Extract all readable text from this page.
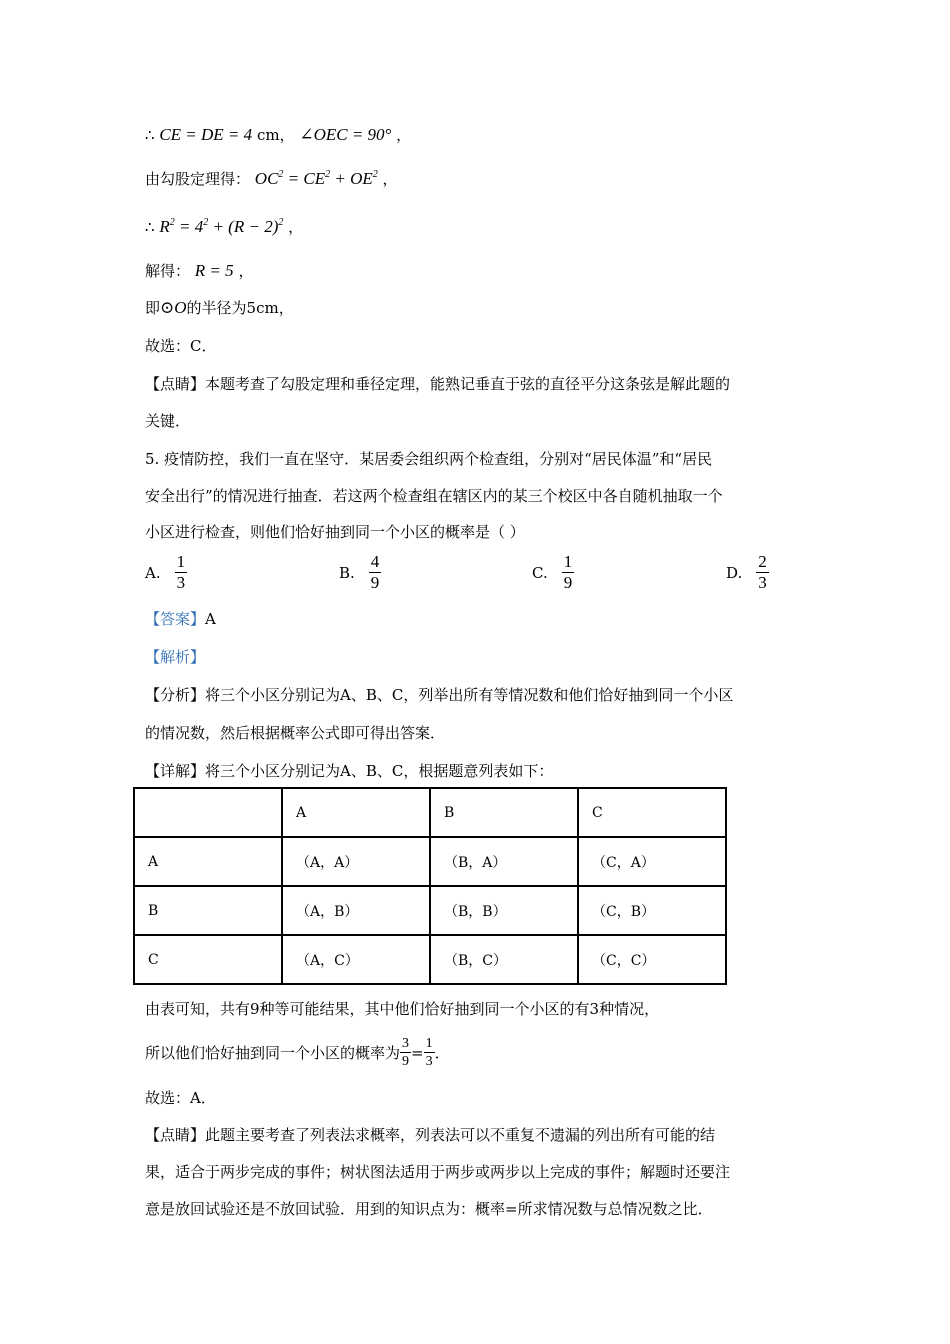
∴ CE = DE = 4 cm， ∠OEC = 90° ，
由勾股定理得： $OC^2 = CE^2 + OE^2$ ，
∴ $R^2 = 4^2 + (R - 2)^2$ ，
解得： R = 5 ，
即⊙O的半径为5cm，
故选：C．
【点睛】本题考查了勾股定理和垂径定理，能熟记垂直于弦的直径平分这条弦是解此题的
关键．
5. 疫情防控，我们一直在坚守．某居委会组织两个检查组，分别对“居民体温”和“居民
安全出行”的情况进行抽查．若这两个检查组在辖区内的某三个校区中各自随机抽取一个
小区进行检查，则他们恰好抽到同一个小区的概率是（ ）
A. $\frac{1}{3}$	B. $\frac{4}{9}$	C. $\frac{1}{9}$	D. $\frac{2}{3}$
【答案】A
【解析】
【分析】将三个小区分别记为A、B、C，列举出所有等情况数和他们恰好抽到同一个小区
的情况数，然后根据概率公式即可得出答案．
【详解】将三个小区分别记为A、B、C，根据题意列表如下：
	A	B	C
A	（A，A）	（B，A）	（C，A）
B	（A，B）	（B，B）	（C，B）
C	（A，C）	（B，C）	（C，C）
由表可知，共有9种等可能结果，其中他们恰好抽到同一个小区的有3种情况，
所以他们恰好抽到同一个小区的概率为 $\frac{3}{9} = \frac{1}{3}$ ．
故选：A．
【点睛】此题主要考查了列表法求概率，列表法可以不重复不遗漏的列出所有可能的结
果，适合于两步完成的事件；树状图法适用于两步或两步以上完成的事件；解题时还要注
意是放回试验还是不放回试验．用到的知识点为：概率=所求情况数与总情况数之比．
